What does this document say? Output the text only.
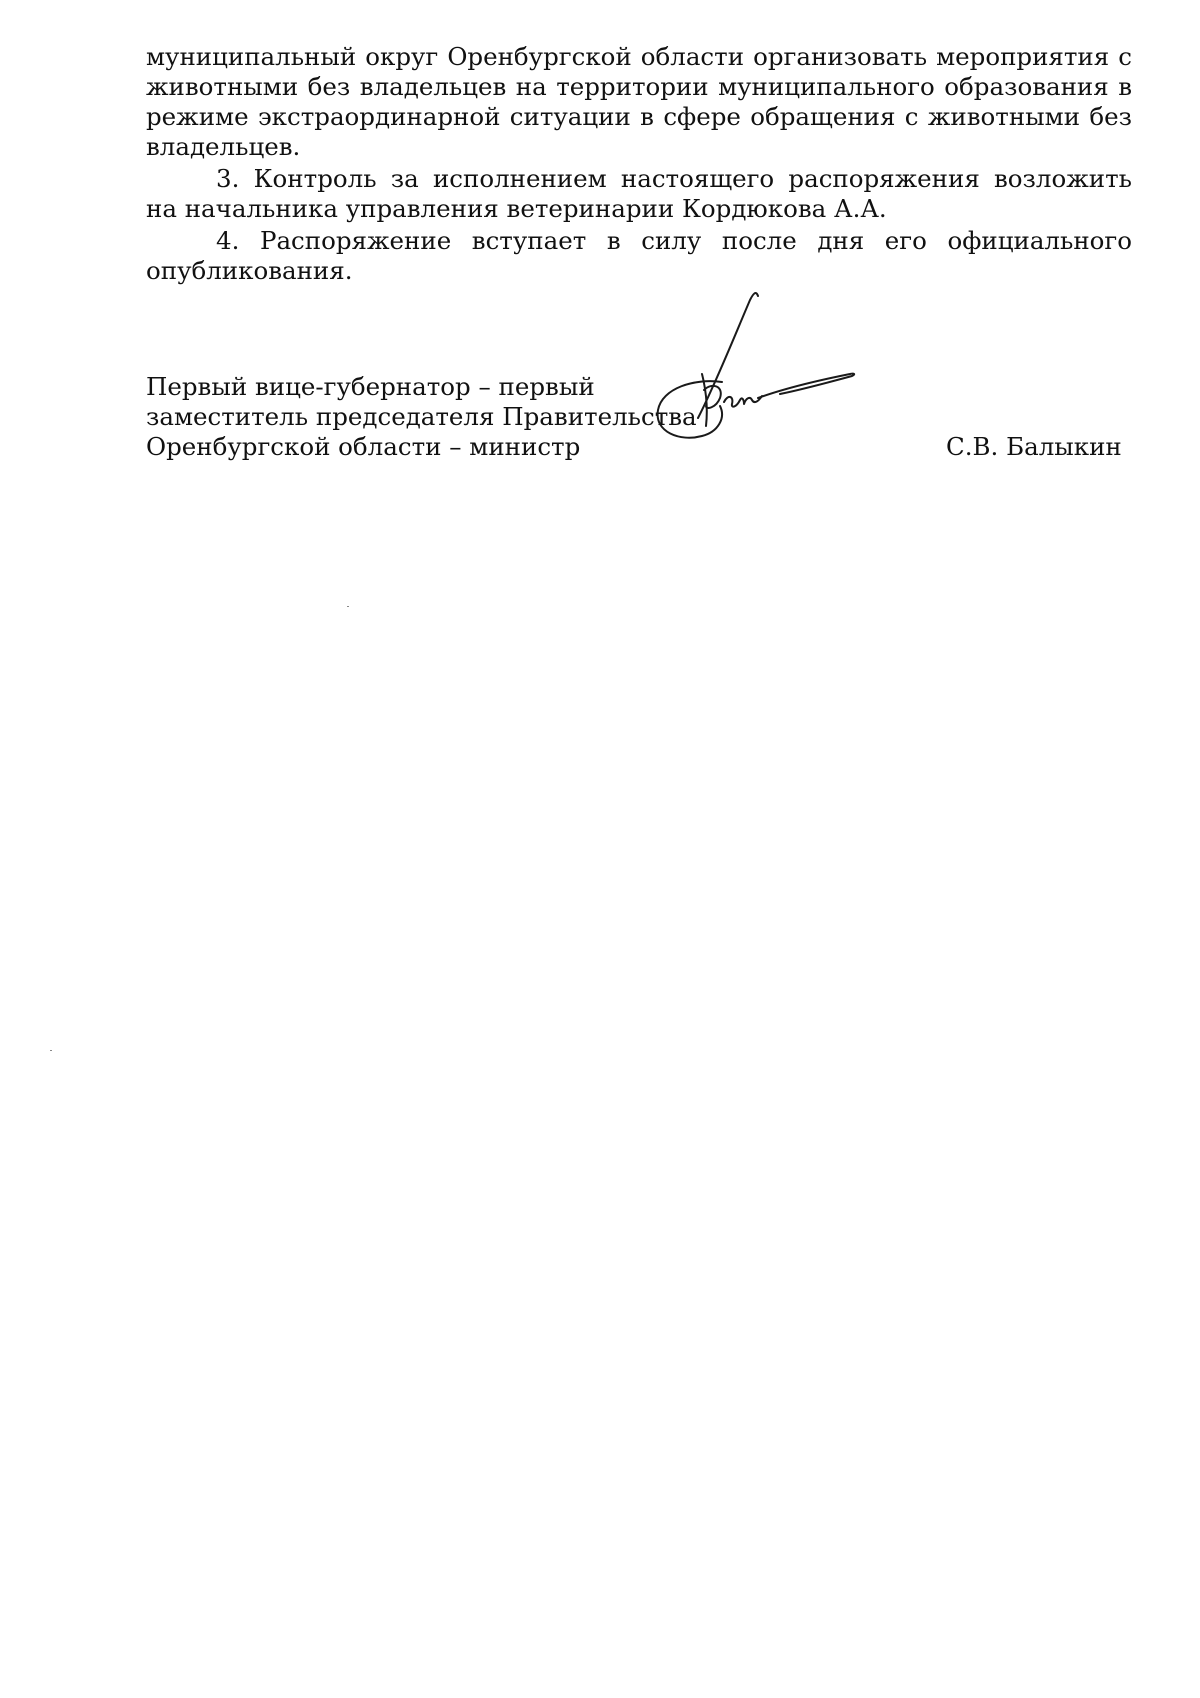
муниципальный округ Оренбургской области организовать мероприятия с животными без владельцев на территории муниципального образования в режиме экстраординарной ситуации в сфере обращения с животными без владельцев.

3. Контроль за исполнением настоящего распоряжения возложить на начальника управления ветеринарии Кордюкова А.А.

4. Распоряжение вступает в силу после дня его официального опубликования.

Первый вице-губернатор – первый
заместитель председателя Правительства
Оренбургской области – министр	С.В. Балыкин
